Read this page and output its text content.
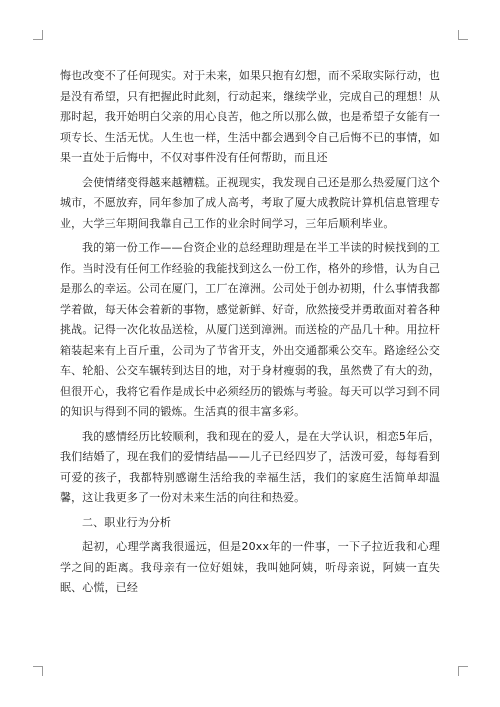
悔也改变不了任何现实。对于未来，如果只抱有幻想，而不采取实际行动，也是没有希望，只有把握此时此刻，行动起来，继续学业，完成自己的理想！从那时起，我开始明白父亲的用心良苦，他之所以那么做，也是希望子女能有一项专长、生活无忧。人生也一样，生活中都会遇到令自己后悔不已的事情，如果一直处于后悔中，不仅对事件没有任何帮助，而且还

会使情绪变得越来越糟糕。正视现实，我发现自己还是那么热爱厦门这个城市，不愿放弃，同年参加了成人高考，考取了厦大成教院计算机信息管理专业，大学三年期间我靠自己工作的业余时间学习，三年后顺利毕业。

我的第一份工作——台资企业的总经理助理是在半工半读的时候找到的工作。当时没有任何工作经验的我能找到这么一份工作，格外的珍惜，认为自己是那么的幸运。公司在厦门，工厂在漳洲。公司处于创办初期，什么事情我都学着做，每天体会着新的事物，感觉新鲜、好奇，欣然接受并勇敢面对着各种挑战。记得一次化妆品送检，从厦门送到漳洲。而送检的产品几十种。用拉杆箱装起来有上百斤重，公司为了节省开支，外出交通都乘公交车。路途经公交车、轮船、公交车辗转到达目的地，对于身材瘦弱的我，虽然费了有大的劲，但很开心，我将它看作是成长中必须经历的锻炼与考验。每天可以学习到不同的知识与得到不同的锻炼。生活真的很丰富多彩。

我的感情经历比较顺利，我和现在的爱人，是在大学认识，相恋5年后，我们结婚了，现在我们的爱情结晶——儿子已经四岁了，活泼可爱，每每看到可爱的孩子，我都特别感谢生活给我的幸福生活，我们的家庭生活简单却温馨，这让我更多了一份对未来生活的向往和热爱。

二、职业行为分析

起初，心理学离我很遥远，但是20xx年的一件事，一下子拉近我和心理学之间的距离。我母亲有一位好姐妹，我叫她阿姨，听母亲说，阿姨一直失眠、心慌，已经
